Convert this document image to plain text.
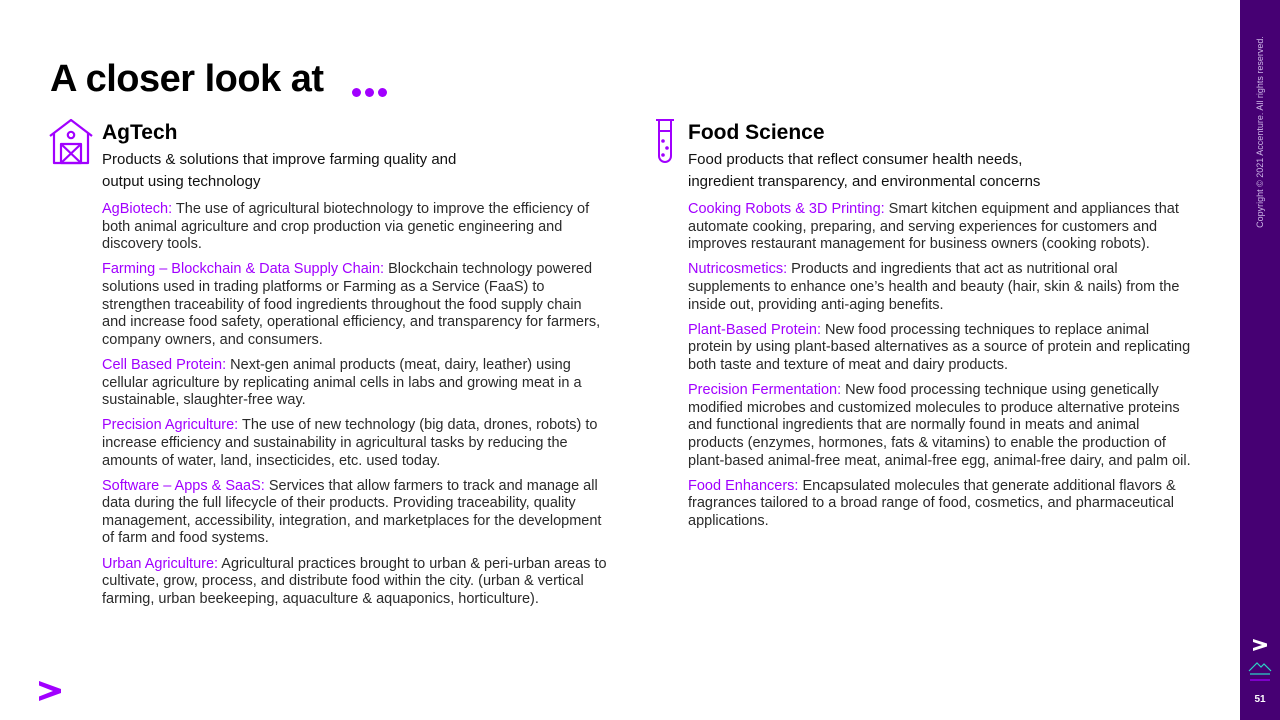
A closer look at
AgTech
Products & solutions that improve farming quality and output using technology
AgBiotech: The use of agricultural biotechnology to improve the efficiency of both animal agriculture and crop production via genetic engineering and discovery tools.
Farming – Blockchain & Data Supply Chain: Blockchain technology powered solutions used in trading platforms or Farming as a Service (FaaS) to strengthen traceability of food ingredients throughout the food supply chain and increase food safety, operational efficiency, and transparency for farmers, company owners, and consumers.
Cell Based Protein: Next-gen animal products (meat, dairy, leather) using cellular agriculture by replicating animal cells in labs and growing meat in a sustainable, slaughter-free way.
Precision Agriculture: The use of new technology (big data, drones, robots) to increase efficiency and sustainability in agricultural tasks by reducing the amounts of water, land, insecticides, etc. used today.
Software – Apps & SaaS: Services that allow farmers to track and manage all data during the full lifecycle of their products. Providing traceability, quality management, accessibility, integration, and marketplaces for the development of farm and food systems.
Urban Agriculture: Agricultural practices brought to urban & peri-urban areas to cultivate, grow, process, and distribute food within the city. (urban & vertical farming, urban beekeeping, aquaculture & aquaponics, horticulture).
Food Science
Food products that reflect consumer health needs, ingredient transparency, and environmental concerns
Cooking Robots & 3D Printing: Smart kitchen equipment and appliances that automate cooking, preparing, and serving experiences for customers and improves restaurant management for business owners (cooking robots).
Nutricosmetics: Products and ingredients that act as nutritional oral supplements to enhance one’s health and beauty (hair, skin & nails) from the inside out, providing anti-aging benefits.
Plant-Based Protein: New food processing techniques to replace animal protein by using plant-based alternatives as a source of protein and replicating both taste and texture of meat and dairy products.
Precision Fermentation: New food processing technique using genetically modified microbes and customized molecules to produce alternative proteins and functional ingredients that are normally found in meats and animal products (enzymes, hormones, fats & vitamins) to enable the production of plant-based animal-free meat, animal-free egg, animal-free dairy, and palm oil.
Food Enhancers: Encapsulated molecules that generate additional flavors & fragrances tailored to a broad range of food, cosmetics, and pharmaceutical applications.
Copyright © 2021 Accenture. All rights reserved.
51
